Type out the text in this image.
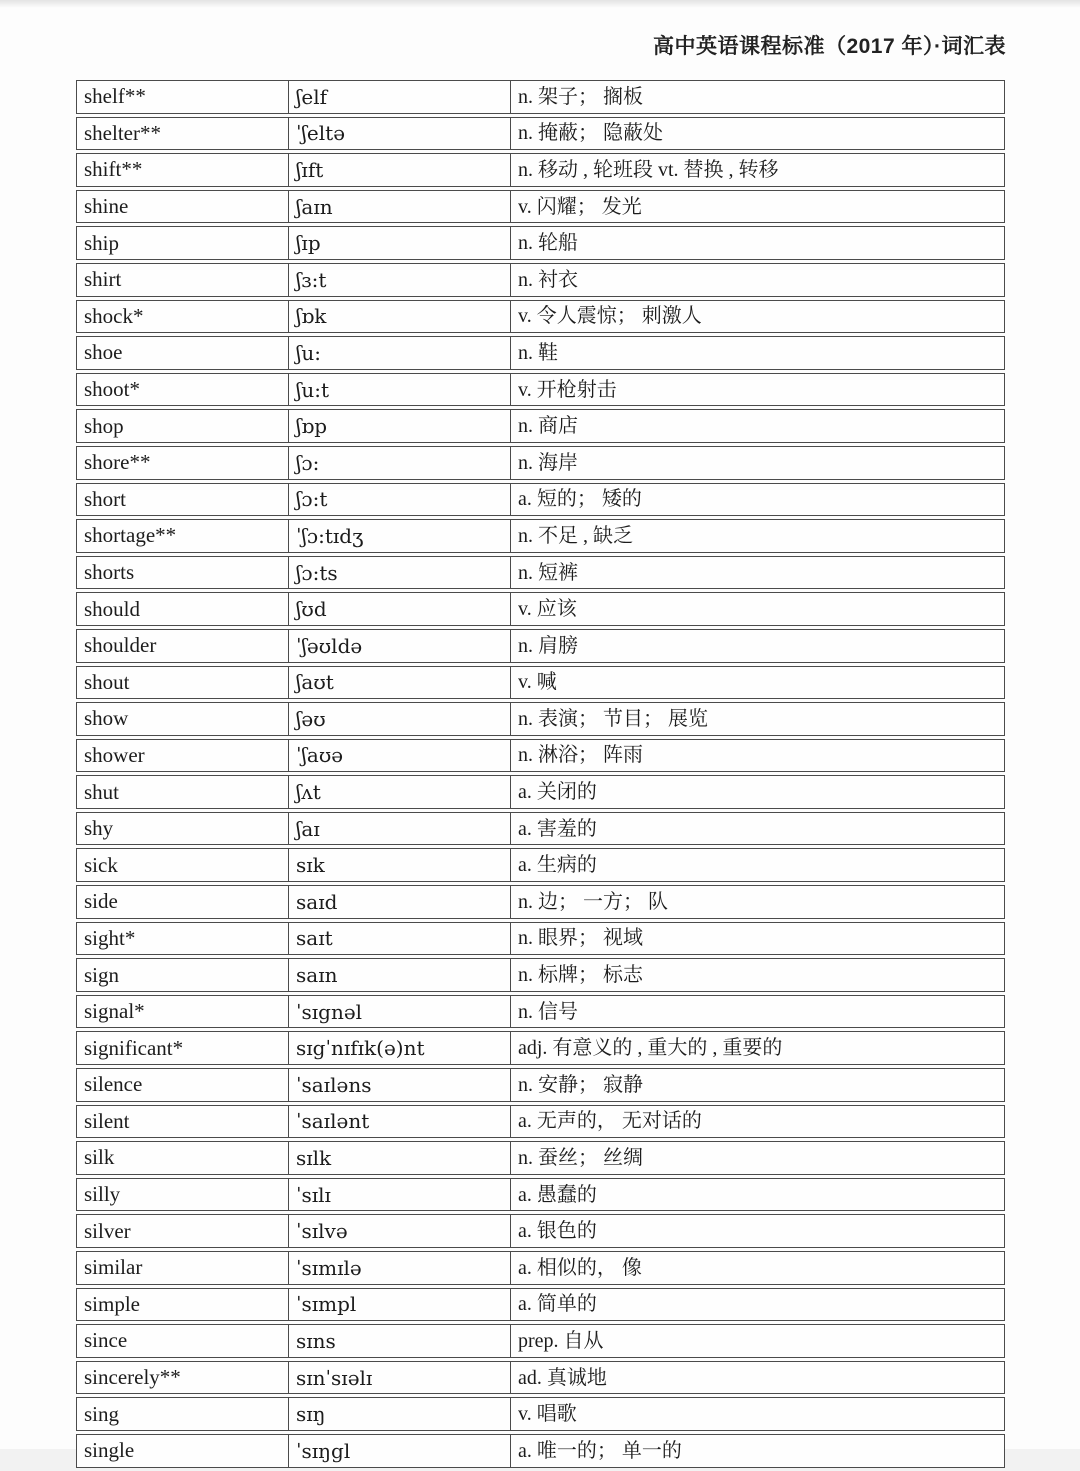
高中英语课程标准（2017 年）·词汇表
shelf**	ʃelf	n. 架子； 搁板
shelter**	ˈʃeltə	n. 掩蔽； 隐蔽处
shift**	ʃɪft	n. 移动 , 轮班段 vt. 替换 , 转移
shine	ʃaɪn	v. 闪耀； 发光
ship	ʃɪp	n. 轮船
shirt	ʃɜ:t	n. 衬衣
shock*	ʃɒk	v. 令人震惊； 刺激人
shoe	ʃu:	n. 鞋
shoot*	ʃu:t	v. 开枪射击
shop	ʃɒp	n. 商店
shore**	ʃɔ:	n. 海岸
short	ʃɔ:t	a. 短的； 矮的
shortage**	ˈʃɔ:tɪdʒ	n. 不足 , 缺乏
shorts	ʃɔ:ts	n. 短裤
should	ʃʊd	v. 应该
shoulder	ˈʃəʊldə	n. 肩膀
shout	ʃaʊt	v. 喊
show	ʃəʊ	n. 表演； 节目； 展览
shower	ˈʃaʊə	n. 淋浴； 阵雨
shut	ʃʌt	a. 关闭的
shy	ʃaɪ	a. 害羞的
sick	sɪk	a. 生病的
side	saɪd	n. 边； 一方； 队
sight*	saɪt	n. 眼界； 视域
sign	saɪn	n. 标牌； 标志
signal*	ˈsɪgnəl	n. 信号
significant*	sɪgˈnɪfɪk(ə)nt	adj. 有意义的 , 重大的 , 重要的
silence	ˈsaɪləns	n. 安静； 寂静
silent	ˈsaɪlənt	a. 无声的， 无对话的
silk	sɪlk	n. 蚕丝； 丝绸
silly	ˈsɪlɪ	a. 愚蠢的
silver	ˈsɪlvə	a. 银色的
similar	ˈsɪmɪlə	a. 相似的， 像
simple	ˈsɪmpl	a. 简单的
since	sɪns	prep. 自从
sincerely**	sɪnˈsɪəlɪ	ad. 真诚地
sing	sɪŋ	v. 唱歌
single	ˈsɪŋgl	a. 唯一的； 单一的
